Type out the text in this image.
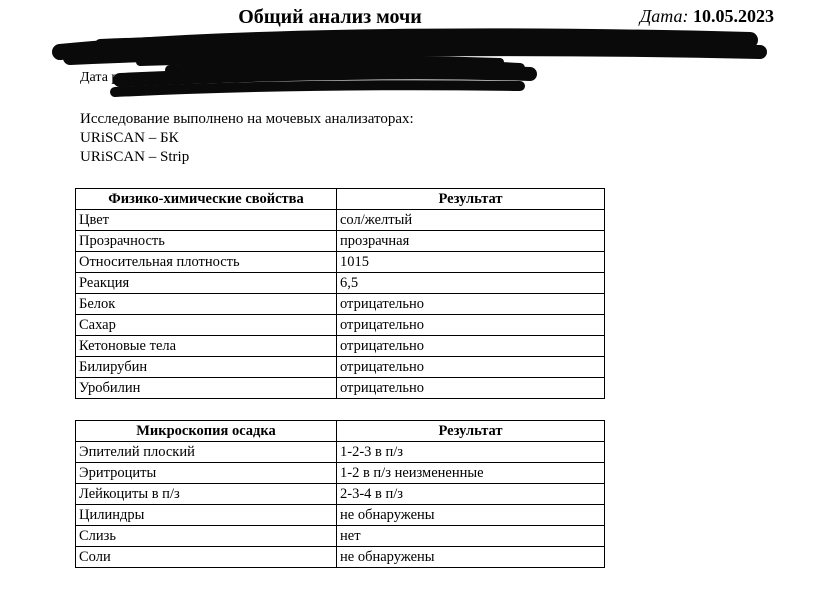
Общий анализ мочи	Дата: 10.05.2023
Дата рожд
Исследование выполнено на мочевых анализаторах:
URiSCAN – БК
URiSCAN – Strip
Физико-химические свойства	Результат
Цвет	сол/желтый
Прозрачность	прозрачная
Относительная плотность	1015
Реакция	6,5
Белок	отрицательно
Сахар	отрицательно
Кетоновые тела	отрицательно
Билирубин	отрицательно
Уробилин	отрицательно
Микроскопия осадка	Результат
Эпителий плоский	1-2-3 в п/з
Эритроциты	1-2 в п/з неизмененные
Лейкоциты в п/з	2-3-4 в п/з
Цилиндры	не обнаружены
Слизь	нет
Соли	не обнаружены
